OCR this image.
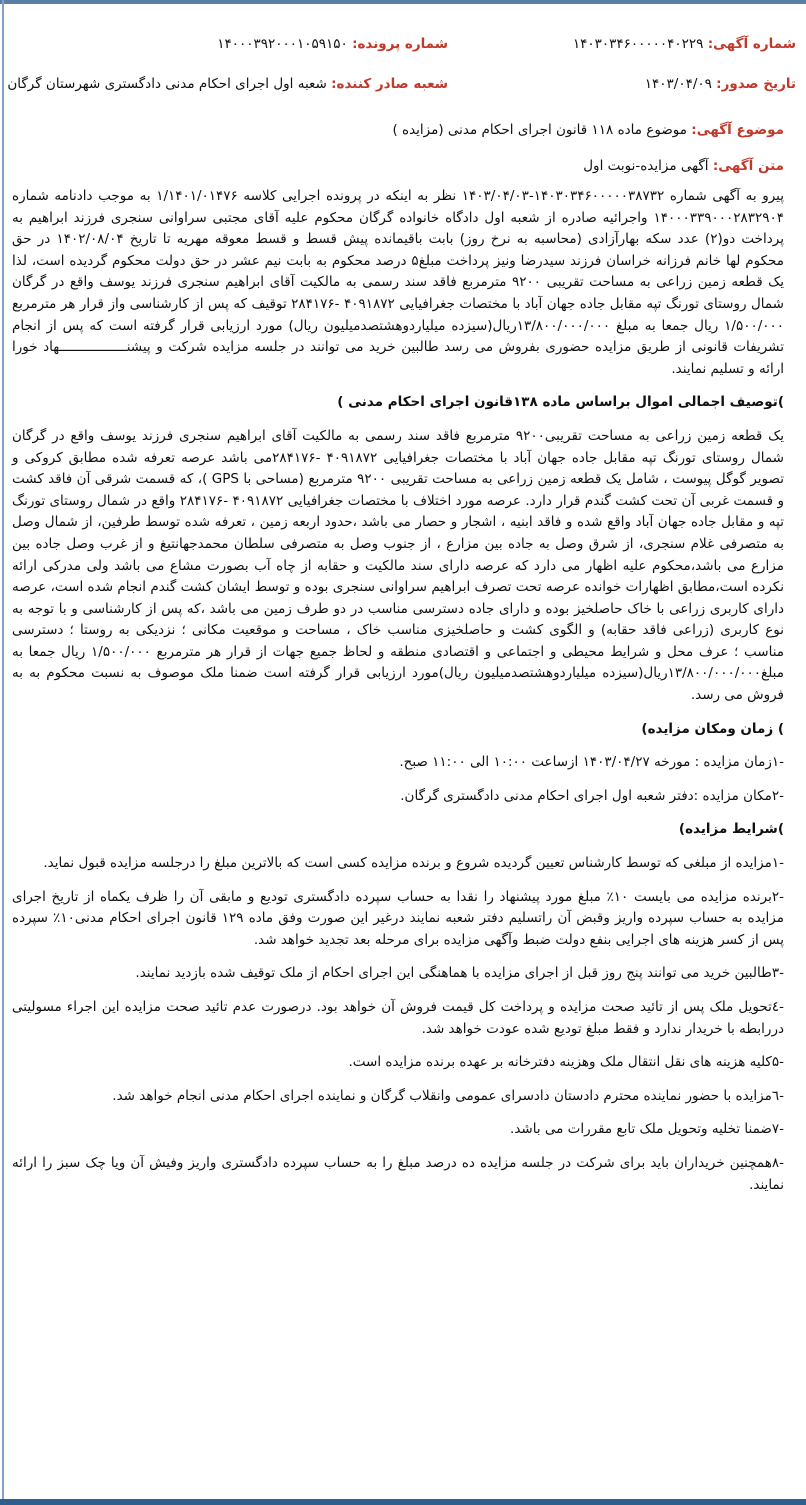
شماره آگهی: ۱۴۰۳۰۳۴۶۰۰۰۰۰۴۰۲۲۹
شماره پرونده: ۱۴۰۰۰۳۹۲۰۰۰۱۰۵۹۱۵۰
تاریخ صدور: ۱۴۰۳/۰۴/۰۹
شعبه صادر کننده: شعبه اول اجرای احکام مدنی دادگستری شهرستان گرگان
موضوع آگهی: موضوع ماده ۱۱۸ قانون اجرای احکام مدنی (مزایده )
متن آگهی: آگهی مزایده-نوبت اول

پیرو به آگهی شماره ۱۴۰۳۰۳۴۶۰۰۰۰۰۳۸۷۳۲-۱۴۰۳/۰۴/۰۳ نظر به اینکه در پرونده اجرایی کلاسه ۱/۱۴۰۱/۰۱۴۷۶ به موجب دادنامه شماره ۱۴۰۰۰۳۳۹۰۰۰۲۸۳۲۹۰۴ واجرائیه صادره از شعبه اول دادگاه خانواده گرگان محکوم علیه آقای مجتبی سراوانی سنجری فرزند ابراهیم به پرداخت دو(۲) عدد سکه بهارآزادی (محاسبه به نرخ روز) بابت باقیمانده پیش قسط و قسط معوقه مهریه تا تاریخ ۱۴۰۲/۰۸/۰۴ در حق محکوم لها خانم فرزانه خراسان فرزند سیدرضا ونیز پرداخت مبلغ۵ درصد محکوم به بابت نیم عشر در حق دولت محکوم گردیده است، لذا یک قطعه زمین زراعی به مساحت تقریبی ۹۲۰۰ مترمربع فاقد سند رسمی به مالکیت آقای ابراهیم سنجری فرزند یوسف واقع در گرگان شمال روستای تورنگ تپه مقابل جاده جهان آباد با مختصات جغرافیایی ۴۰۹۱۸۷۲ -۲۸۴۱۷۶ توقیف که پس از کارشناسی واز قرار هر مترمربع ۱/۵۰۰/۰۰۰ ریال جمعا به مبلغ ۱۳/۸۰۰/۰۰۰/۰۰۰ریال(سیزده میلیاردوهشتصدمیلیون ریال) مورد ارزیابی قرار گرفته است که پس از انجام تشریفات قانونی از طریق مزایده حضوری بفروش می رسد طالبین خرید می توانند در جلسه مزایده شرکت و پیشنـــــــــــــــــهاد خورا ارائه و تسلیم نمایند.

)توصیف اجمالی اموال براساس ماده ۱۳۸قانون اجرای احکام مدنی )

یک قطعه زمین زراعی به مساحت تقریبی۹۲۰۰ مترمربع فاقد سند رسمی به مالکیت آقای ابراهیم سنجری فرزند یوسف واقع در گرگان شمال روستای تورنگ تپه مقابل جاده جهان آباد با مختصات جغرافیایی ۴۰۹۱۸۷۲ -۲۸۴۱۷۶می باشد عرصه تعرفه شده مطابق کروکی و تصویر گوگل پیوست ، شامل یک قطعه زمین زراعی به مساحت تقریبی ۹۲۰۰ مترمربع (مساحی با GPS )، که قسمت شرقی آن فاقد کشت و قسمت غربی آن تحت کشت گندم قرار دارد. عرصه مورد اختلاف با مختصات جغرافیایی ۴۰۹۱۸۷۲ -۲۸۴۱۷۶ واقع در شمال روستای تورنگ تپه و مقابل جاده جهان آباد واقع شده و فاقد ابنیه ، اشجار و حصار می باشد ،حدود اربعه زمین ، تعرفه شده توسط طرفین، از شمال وصل به متصرفی غلام سنجری، از شرق وصل به جاده بین مزارع ، از جنوب وصل به متصرفی سلطان محمدجهانتیغ و از غرب وصل جاده بین مزارع می باشد،محکوم علیه اظهار می دارد که عرصه دارای سند مالکیت و حقابه از چاه آب بصورت مشاع می باشد ولی مدرکی ارائه نکرده است،مطابق اظهارات خوانده عرصه تحت تصرف ابراهیم سراوانی سنجری بوده و توسط ایشان کشت گندم انجام شده است، عرصه دارای کاربری زراعی با خاک حاصلخیز بوده و دارای جاده دسترسی مناسب در دو طرف زمین می باشد ،که پس از کارشناسی و با توجه به نوع کاربری (زراعی فاقد حقابه) و الگوی کشت و حاصلخیزی مناسب خاک ، مساحت و موقعیت مکانی ؛ نزدیکی به روستا ؛ دسترسی مناسب ؛ عرف محل و شرایط محیطی و اجتماعی و اقتصادی منطقه و لحاظ جمیع جهات از قرار هر مترمربع ۱/۵۰۰/۰۰۰ ریال جمعا به مبلغ۱۳/۸۰۰/۰۰۰/۰۰۰ریال(سیزده میلیاردوهشتصدمیلیون ریال)مورد ارزیابی قرار گرفته است ضمنا ملک موصوف به نسبت محکوم به به فروش می رسد.

) زمان ومکان مزایده)

-۱زمان مزایده : مورخه ۱۴۰۳/۰۴/۲۷ ازساعت ۱۰:۰۰ الی ۱۱:۰۰ صبح.

-۲مکان مزایده :دفتر شعبه اول اجرای احکام مدنی دادگستری گرگان.

)شرایط مزایده)

-۱مزایده از مبلغی که توسط کارشناس تعیین گردیده شروع و برنده مزایده کسی است که بالاترین مبلغ را درجلسه مزایده قبول نماید.

-۲برنده مزایده می بایست ۱۰٪ مبلغ مورد پیشنهاد را نقدا به حساب سپرده دادگستری تودیع و مابقی آن را ظرف یکماه از تاریخ اجرای مزایده به حساب سپرده واریز وقبض آن راتسلیم دفتر شعبه نمایند درغیر این صورت وفق ماده ۱۲۹ قانون اجرای احکام مدنی۱۰٪ سپرده پس از کسر هزینه های اجرایی بنفع دولت ضبط وآگهی مزایده برای مرحله بعد تجدید خواهد شد.

-۳طالبین خرید می توانند پنج روز قبل از اجرای مزایده با هماهنگی این اجرای احکام از ملک توقیف شده بازدید نمایند.

-٤تحویل ملک پس از تائید صحت مزایده و پرداخت کل قیمت فروش آن خواهد بود. درصورت عدم تائید صحت مزایده این اجراء مسولیتی دررابطه با خریدار ندارد و فقط مبلغ تودیع شده عودت خواهد شد.

-۵کلیه هزینه های نقل انتقال ملک وهزینه دفترخانه بر عهده برنده مزایده است.

-٦مزایده با حضور نماینده محترم دادستان دادسرای عمومی وانقلاب گرگان و نماینده اجرای احکام مدنی انجام خواهد شد.

-۷ضمنا تخلیه وتحویل ملک تابع مقررات می باشد.

-۸همچنین خریداران باید برای شرکت در جلسه مزایده ده درصد مبلغ را به حساب سپرده دادگستری واریز وفیش آن ویا چک سبز را ارائه نمایند.
